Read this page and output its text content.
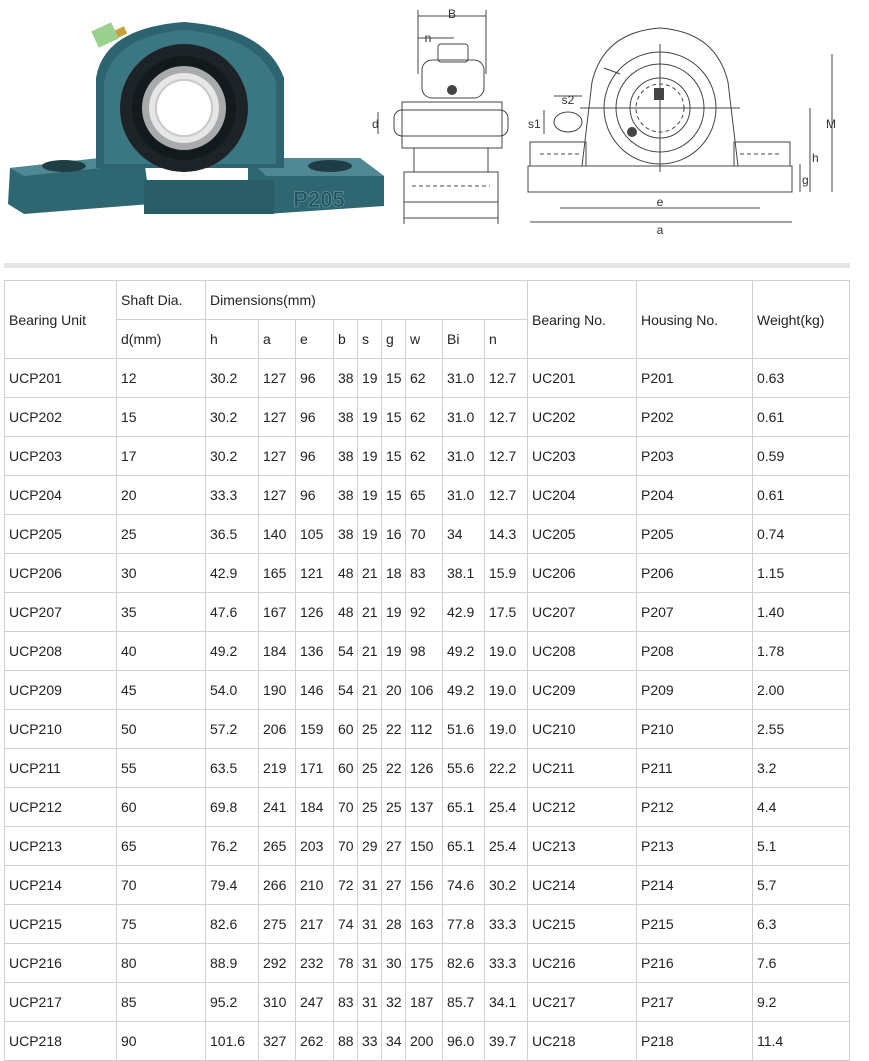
P205
B
n
d
s2
s1	M
h
g
e
a
Bearing Unit	Shaft Dia.	Dimensions(mm)									Bearing No.	Housing No.	Weight(kg)
	d(mm)	h	a	e	b	s	g	w	Bi	n			
UCP201	12	30.2	127	96	38	19	15	62	31.0	12.7	UC201	P201	0.63
UCP202	15	30.2	127	96	38	19	15	62	31.0	12.7	UC202	P202	0.61
UCP203	17	30.2	127	96	38	19	15	62	31.0	12.7	UC203	P203	0.59
UCP204	20	33.3	127	96	38	19	15	65	31.0	12.7	UC204	P204	0.61
UCP205	25	36.5	140	105	38	19	16	70	34	14.3	UC205	P205	0.74
UCP206	30	42.9	165	121	48	21	18	83	38.1	15.9	UC206	P206	1.15
UCP207	35	47.6	167	126	48	21	19	92	42.9	17.5	UC207	P207	1.40
UCP208	40	49.2	184	136	54	21	19	98	49.2	19.0	UC208	P208	1.78
UCP209	45	54.0	190	146	54	21	20	106	49.2	19.0	UC209	P209	2.00
UCP210	50	57.2	206	159	60	25	22	112	51.6	19.0	UC210	P210	2.55
UCP211	55	63.5	219	171	60	25	22	126	55.6	22.2	UC211	P211	3.2
UCP212	60	69.8	241	184	70	25	25	137	65.1	25.4	UC212	P212	4.4
UCP213	65	76.2	265	203	70	29	27	150	65.1	25.4	UC213	P213	5.1
UCP214	70	79.4	266	210	72	31	27	156	74.6	30.2	UC214	P214	5.7
UCP215	75	82.6	275	217	74	31	28	163	77.8	33.3	UC215	P215	6.3
UCP216	80	88.9	292	232	78	31	30	175	82.6	33.3	UC216	P216	7.6
UCP217	85	95.2	310	247	83	31	32	187	85.7	34.1	UC217	P217	9.2
UCP218	90	101.6	327	262	88	33	34	200	96.0	39.7	UC218	P218	11.4
